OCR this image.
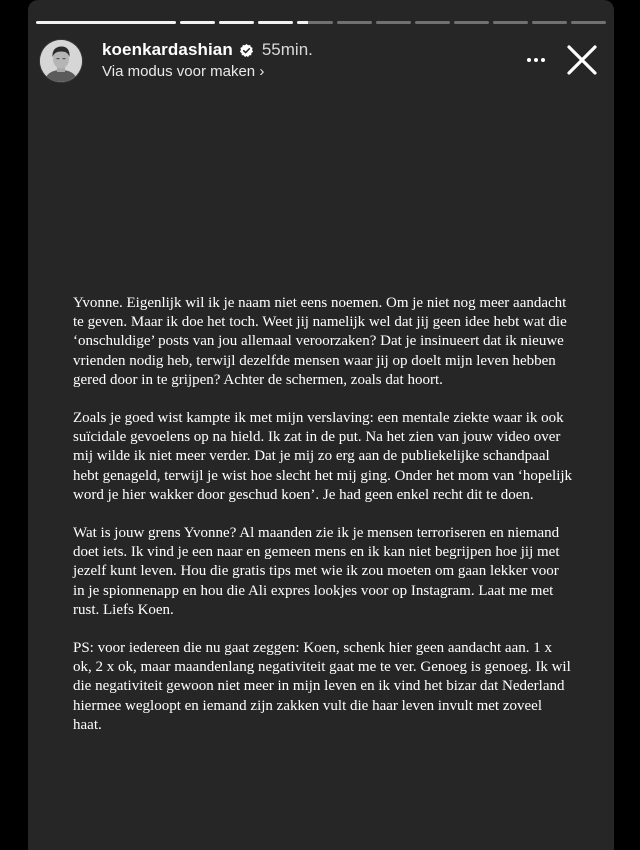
koenkardashian 55min.
Via modus voor maken ›

Yvonne. Eigenlijk wil ik je naam niet eens noemen. Om je niet nog meer aandacht te geven. Maar ik doe het toch. Weet jij namelijk wel dat jij geen idee hebt wat die ‘onschuldige’ posts van jou allemaal veroorzaken? Dat je insinueert dat ik nieuwe vrienden nodig heb, terwijl dezelfde mensen waar jij op doelt mijn leven hebben gered door in te grijpen? Achter de schermen, zoals dat hoort.

Zoals je goed wist kampte ik met mijn verslaving: een mentale ziekte waar ik ook suïcidale gevoelens op na hield. Ik zat in de put. Na het zien van jouw video over mij wilde ik niet meer verder. Dat je mij zo erg aan de publiekelijke schandpaal hebt genageld, terwijl je wist hoe slecht het mij ging. Onder het mom van ‘hopelijk word je hier wakker door geschud koen’. Je had geen enkel recht dit te doen.

Wat is jouw grens Yvonne? Al maanden zie ik je mensen terroriseren en niemand doet iets. Ik vind je een naar en gemeen mens en ik kan niet begrijpen hoe jij met jezelf kunt leven. Hou die gratis tips met wie ik zou moeten om gaan lekker voor in je spionnenapp en hou die Ali expres lookjes voor op Instagram. Laat me met rust. Liefs Koen.

PS: voor iedereen die nu gaat zeggen: Koen, schenk hier geen aandacht aan. 1 x ok, 2 x ok, maar maandenlang negativiteit gaat me te ver. Genoeg is genoeg. Ik wil die negativiteit gewoon niet meer in mijn leven en ik vind het bizar dat Nederland hiermee wegloopt en iemand zijn zakken vult die haar leven invult met zoveel haat.
